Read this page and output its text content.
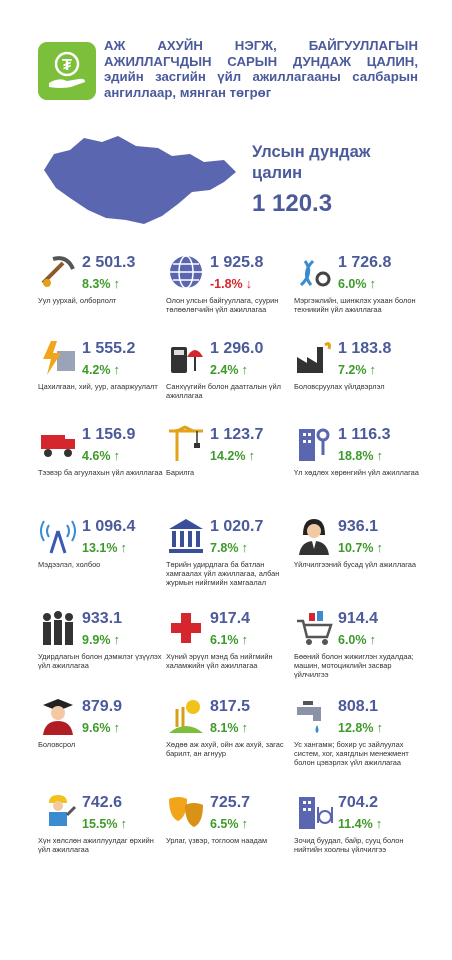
₮
АЖ АХУЙН НЭГЖ, БАЙГУУЛЛАГЫН АЖИЛЛАГЧДЫН САРЫН ДУНДАЖ ЦАЛИН, эдийн засгийн үйл ажиллагааны салбарын ангиллаар, мянган төгрөг
Улсын дундаж цалин
1 120.3
2 501.3
8.3% ↑
Уул уурхай, олборлолт
1 925.8
-1.8% ↓
Олон улсын байгууллага, суурин төлөөлөгчийн үйл ажиллагаа
1 726.8
6.0% ↑
Мэргэжлийн, шинжлэх ухаан болон техникийн үйл ажиллагаа
1 555.2
4.2% ↑
Цахилгаан, хий, уур, агааржуулалт
1 296.0
2.4% ↑
Санхүүгийн болон даатгалын үйл ажиллагаа
1 183.8
7.2% ↑
Боловсруулах үйлдвэрлэл
1 156.9
4.6% ↑
Тээвэр ба агуулахын үйл ажиллагаа
1 123.7
14.2% ↑
Барилга
1 116.3
18.8% ↑
Үл хөдлөх хөрөнгийн үйл ажиллагаа
1 096.4
13.1% ↑
Мэдээлэл, холбоо
1 020.7
7.8% ↑
Төрийн удирдлага ба батлан хамгаалах үйл ажиллагаа, албан журмын нийгмийн хамгаалал
936.1
10.7% ↑
Үйлчилгээний бусад үйл ажиллагаа
933.1
9.9% ↑
Удирдлагын болон дэмжлэг үзүүлэх үйл ажиллагаа
917.4
6.1% ↑
Хүний эрүүл мэнд ба нийгмийн халамжийн үйл ажиллагаа
914.4
6.0% ↑
Бөөний болон жижиглэн худалдаа; машин, мотоциклийн засвар үйлчилгээ
879.9
9.6% ↑
Боловсрол
817.5
8.1% ↑
Хөдөө аж ахуй, ойн аж ахуй, загас барилт, ан агнуур
808.1
12.8% ↑
Ус хангамж; бохир ус зайлуулах систем, хог, хаягдлын менежмент болон цэвэрлэх үйл ажиллагаа
742.6
15.5% ↑
Хүн хөлслөн ажиллуулдаг өрхийн үйл ажиллагаа
725.7
6.5% ↑
Урлаг, үзвэр, тоглоом наадам
704.2
11.4% ↑
Зочид буудал, байр, сууц болон нийтийн хоолны үйлчилгээ
